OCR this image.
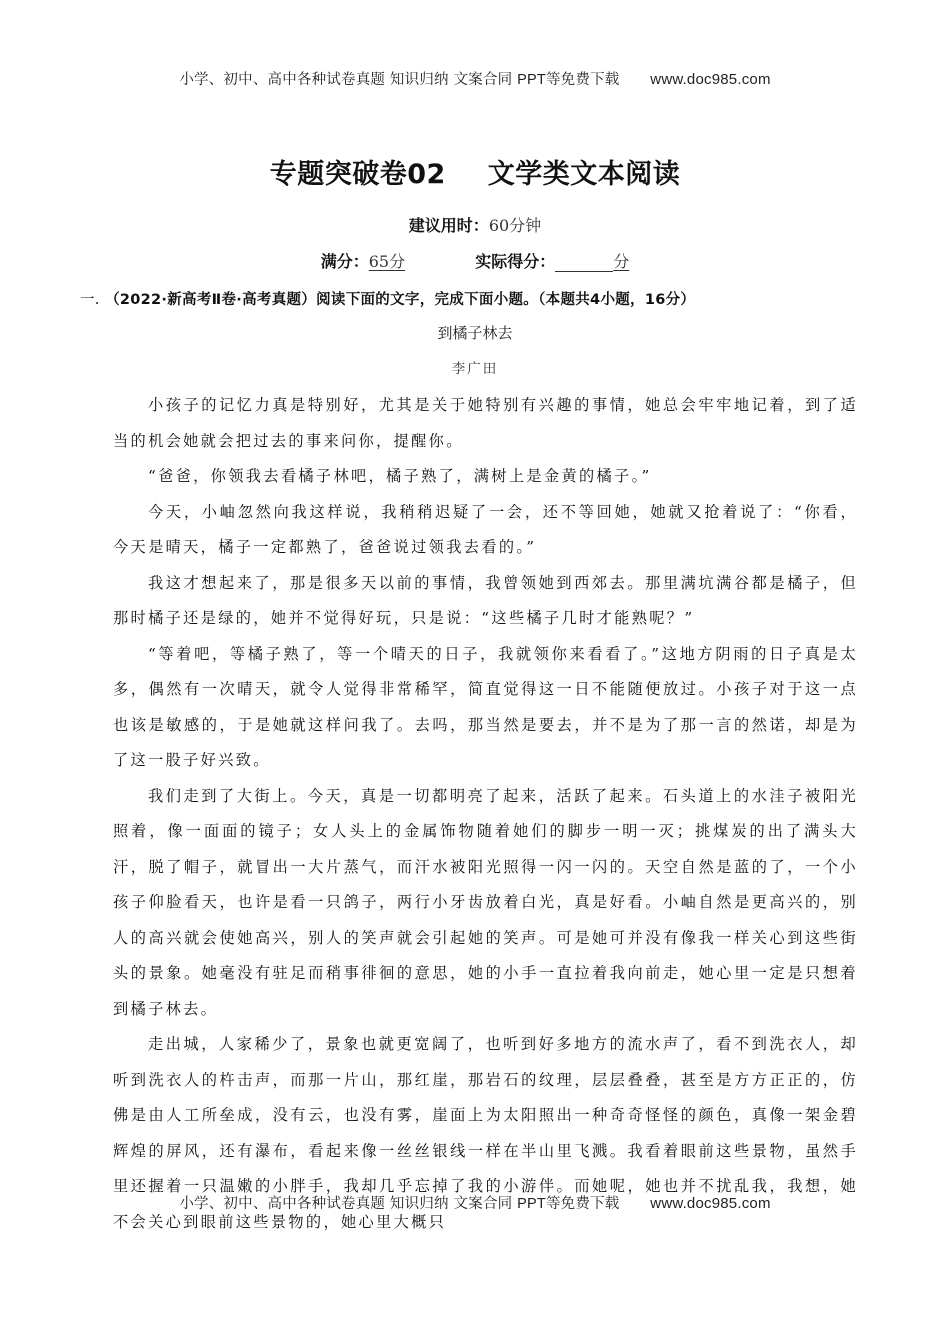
小学、初中、高中各种试卷真题 知识归纳 文案合同 PPT等免费下载 www.doc985.com
专题突破卷02 文学类文本阅读
建议用时：60分钟
满分：65分	实际得分：	分
一. （2022·新高考Ⅱ卷·高考真题）阅读下面的文字，完成下面小题。（本题共4小题，16分）
到橘子林去
李广田

小孩子的记忆力真是特别好，尤其是关于她特别有兴趣的事情，她总会牢牢地记着，到了适当的机会她就会把过去的事来问你，提醒你。

“爸爸，你领我去看橘子林吧，橘子熟了，满树上是金黄的橘子。”

今天，小岫忽然向我这样说，我稍稍迟疑了一会，还不等回她，她就又抢着说了：“你看，今天是晴天，橘子一定都熟了，爸爸说过领我去看的。”

我这才想起来了，那是很多天以前的事情，我曾领她到西郊去。那里满坑满谷都是橘子，但那时橘子还是绿的，她并不觉得好玩，只是说：“这些橘子几时才能熟呢？”

“等着吧，等橘子熟了，等一个晴天的日子，我就领你来看看了。”这地方阴雨的日子真是太多，偶然有一次晴天，就令人觉得非常稀罕，简直觉得这一日不能随便放过。小孩子对于这一点也该是敏感的，于是她就这样问我了。去吗，那当然是要去，并不是为了那一言的然诺，却是为了这一股子好兴致。

我们走到了大街上。今天，真是一切都明亮了起来，活跃了起来。石头道上的水洼子被阳光照着，像一面面的镜子；女人头上的金属饰物随着她们的脚步一明一灭；挑煤炭的出了满头大汗，脱了帽子，就冒出一大片蒸气，而汗水被阳光照得一闪一闪的。天空自然是蓝的了，一个小孩子仰脸看天，也许是看一只鸽子，两行小牙齿放着白光，真是好看。小岫自然是更高兴的，别人的高兴就会使她高兴，别人的笑声就会引起她的笑声。可是她可并没有像我一样关心到这些街头的景象。她毫没有驻足而稍事徘徊的意思，她的小手一直拉着我向前走，她心里一定是只想着到橘子林去。

走出城，人家稀少了，景象也就更宽阔了，也听到好多地方的流水声了，看不到洗衣人，却听到洗衣人的杵击声，而那一片山，那红崖，那岩石的纹理，层层叠叠，甚至是方方正正的，仿佛是由人工所垒成，没有云，也没有雾，崖面上为太阳照出一种奇奇怪怪的颜色，真像一架金碧辉煌的屏风，还有瀑布，看起来像一丝丝银线一样在半山里飞溅。我看着眼前这些景物，虽然手里还握着一只温嫩的小胖手，我却几乎忘掉了我的小游伴。而她呢，她也并不扰乱我，我想，她不会关心到眼前这些景物的，她心里大概只

小学、初中、高中各种试卷真题 知识归纳 文案合同 PPT等免费下载 www.doc985.com
